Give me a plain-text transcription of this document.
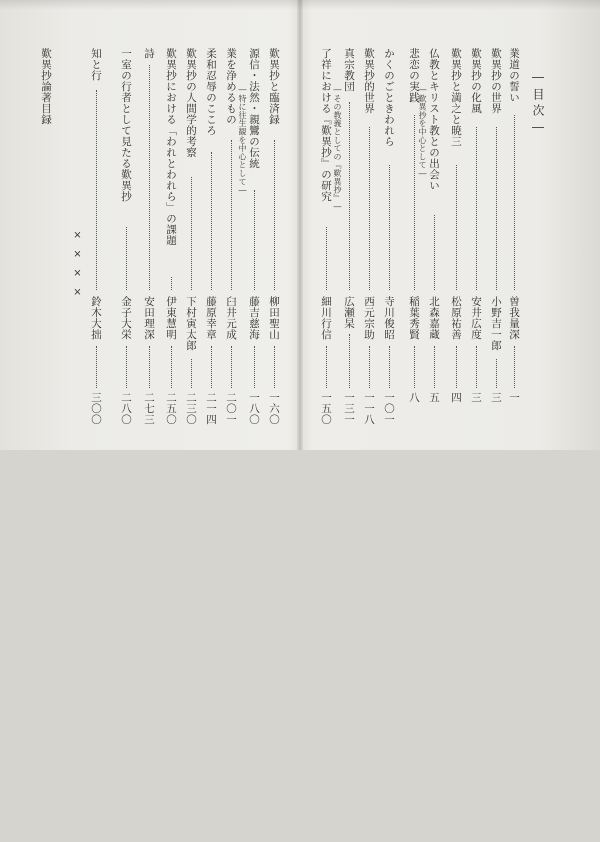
―目次―
業道の誓い
曽我量深
一
歎異抄の世界
小野吉一郎
三
歎異抄の化風
安井広度
三
歎異抄と満之と暁三
松原祐善
四
仏教とキリスト教との出会い
―歎異抄を中心として―
北森嘉蔵
五
悲恋の実践
稲葉秀賢
八
かくのごときわれら
寺川俊昭
一〇一
歎異抄的世界
西元宗助
一一八
真宗教団
―その教義としての『歎異抄』―
広瀬杲
一三一
了祥における『歎異抄』の研究
細川行信
一五〇
歎異抄と臨済録
柳田聖山
一六〇
源信・法然・親鸞の伝統
―特に往生観を中心として―
藤吉慈海
一八〇
業を浄めるもの
臼井元成
二〇一
柔和忍辱のこころ
藤原幸章
二一四
歎異抄の人間学的考察
下村寅太郎
二三〇
歎異抄における「われとわれら」の課題
伊東慧明
二五〇
詩
安田理深
二七三
一室の行者として見たる歎異抄
金子大栄
二八〇
知と行
鈴木大拙
三〇〇
歎異抄論著目録
××××
